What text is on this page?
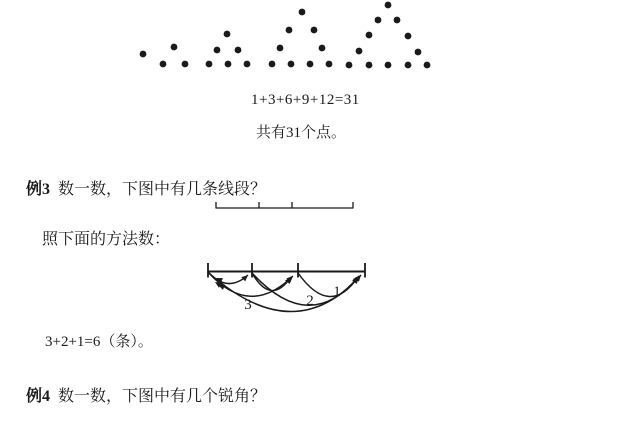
3	2
1
1+3+6+9+12=31
共有31个点。

例3 数一数，下图中有几条线段？

照下面的方法数：
3+2+1=6（条）。

例4 数一数，下图中有几个锐角？
